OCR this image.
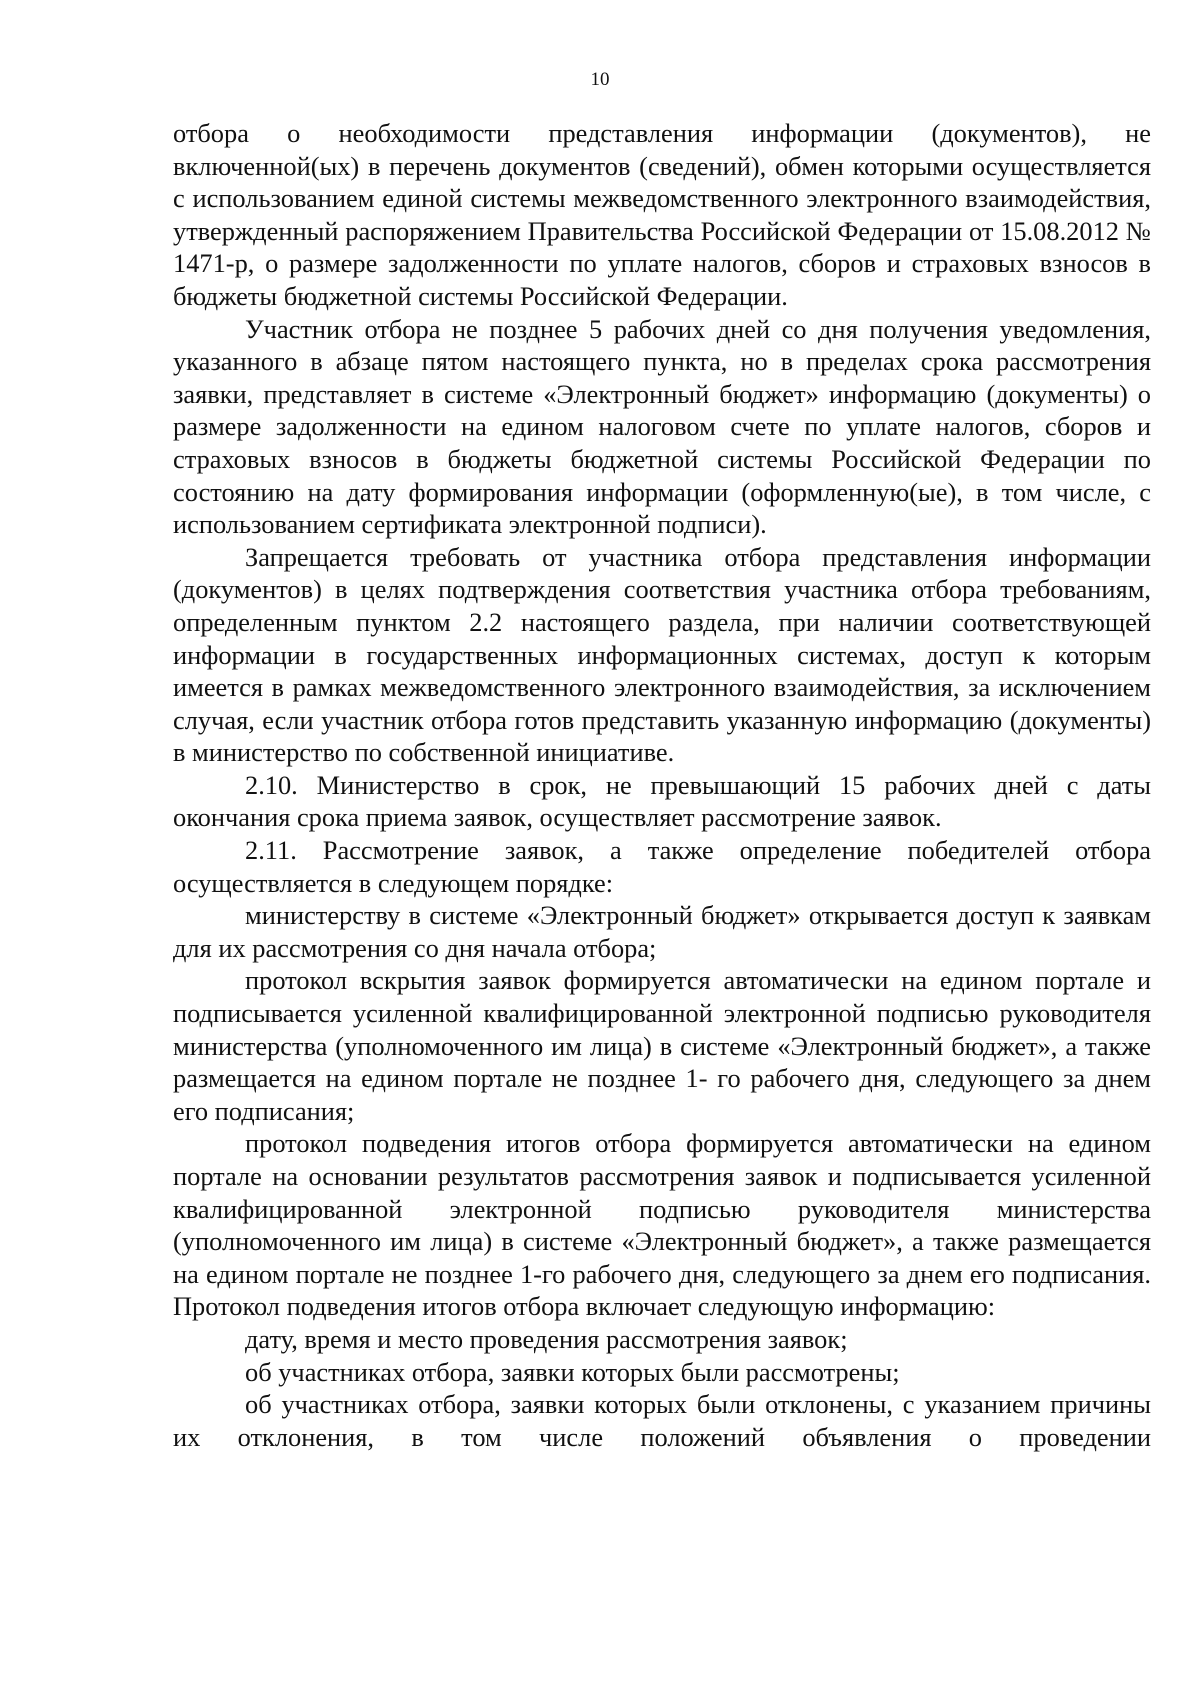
10

отбора о необходимости представления информации (документов), не включенной(ых) в перечень документов (сведений), обмен которыми осуществляется с использованием единой системы межведомственного электронного взаимодействия, утвержденный распоряжением Правительства Российской Федерации от 15.08.2012 № 1471-р, о размере задолженности по уплате налогов, сборов и страховых взносов в бюджеты бюджетной системы Российской Федерации.

Участник отбора не позднее 5 рабочих дней со дня получения уведомления, указанного в абзаце пятом настоящего пункта, но в пределах срока рассмотрения заявки, представляет в системе «Электронный бюджет» информацию (документы) о размере задолженности на едином налоговом счете по уплате налогов, сборов и страховых взносов в бюджеты бюджетной системы Российской Федерации по состоянию на дату формирования информации (оформленную(ые), в том числе, с использованием сертификата электронной подписи).

Запрещается требовать от участника отбора представления информации (документов) в целях подтверждения соответствия участника отбора требованиям, определенным пунктом 2.2 настоящего раздела, при наличии соответствующей информации в государственных информационных системах, доступ к которым имеется в рамках межведомственного электронного взаимодействия, за исключением случая, если участник отбора готов представить указанную информацию (документы) в министерство по собственной инициативе.

2.10. Министерство в срок, не превышающий 15 рабочих дней с даты окончания срока приема заявок, осуществляет рассмотрение заявок.

2.11. Рассмотрение заявок, а также определение победителей отбора осуществляется в следующем порядке:

министерству в системе «Электронный бюджет» открывается доступ к заявкам для их рассмотрения со дня начала отбора;

протокол вскрытия заявок формируется автоматически на едином портале и подписывается усиленной квалифицированной электронной подписью руководителя министерства (уполномоченного им лица) в системе «Электронный бюджет», а также размещается на едином портале не позднее 1- го рабочего дня, следующего за днем его подписания;

протокол подведения итогов отбора формируется автоматически на едином портале на основании результатов рассмотрения заявок и подписывается усиленной квалифицированной электронной подписью руководителя министерства (уполномоченного им лица) в системе «Электронный бюджет», а также размещается на едином портале не позднее 1-го рабочего дня, следующего за днем его подписания. Протокол подведения итогов отбора включает следующую информацию:

дату, время и место проведения рассмотрения заявок;

об участниках отбора, заявки которых были рассмотрены;

об участниках отбора, заявки которых были отклонены, с указанием причины их отклонения, в том числе положений объявления о проведении
